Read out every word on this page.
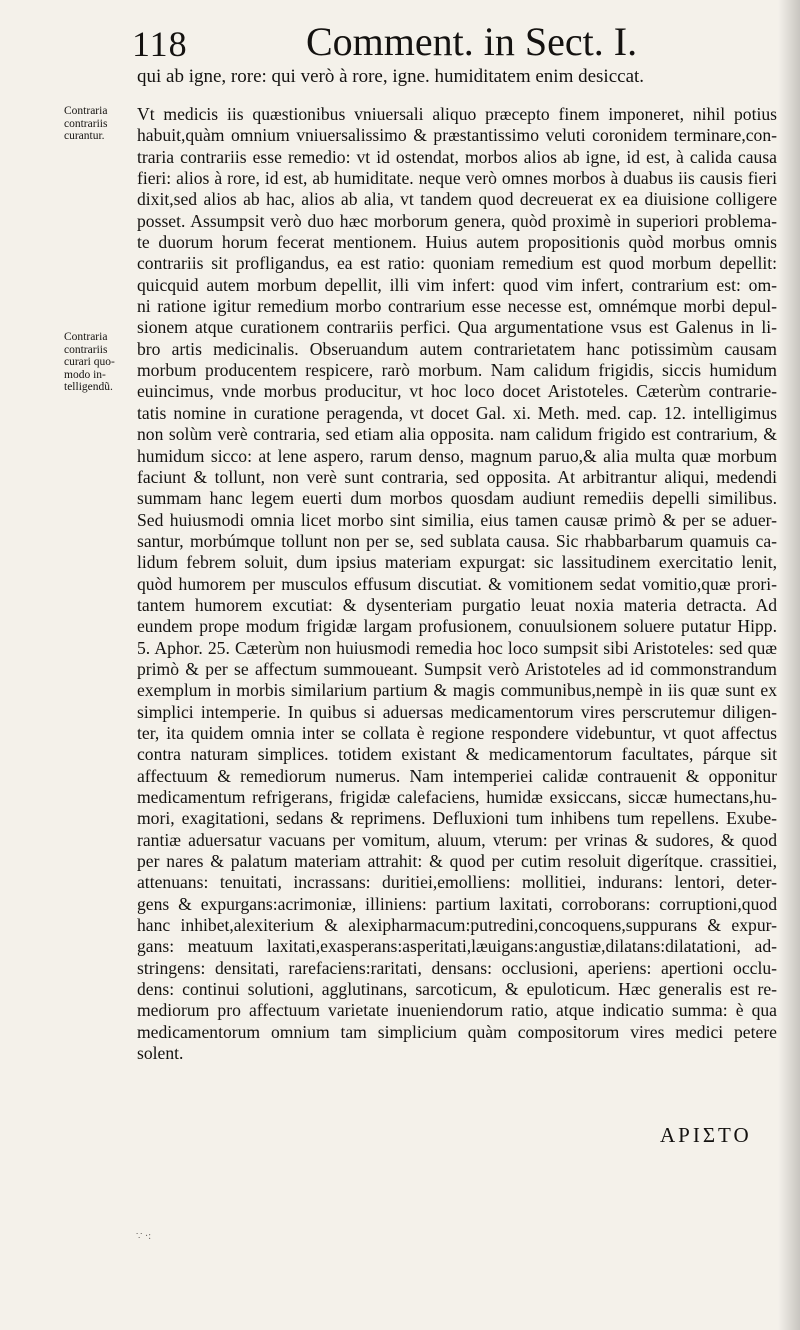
118	Comment. in Sect. I.
qui ab igne, rore: qui verò à rore, igne. humiditatem enim desiccat.
Contraria
contrariis
curantur.
Contraria
contrariis
curari quo-
modo in-
telligendũ.
Vt medicis iis quæstionibus vniuersali aliquo præcepto finem imponeret, nihil potius
habuit,quàm omnium vniuersalissimo & præstantissimo veluti coronidem terminare,con-
traria contrariis esse remedio: vt id ostendat, morbos alios ab igne, id est, à calida causa
fieri: alios à rore, id est, ab humiditate. neque verò omnes morbos à duabus iis causis fieri
dixit,sed alios ab hac, alios ab alia, vt tandem quod decreuerat ex ea diuisione colligere
posset. Assumpsit verò duo hæc morborum genera, quòd proximè in superiori problema-
te duorum horum fecerat mentionem. Huius autem propositionis quòd morbus omnis
contrariis sit profligandus, ea est ratio: quoniam remedium est quod morbum depellit:
quicquid autem morbum depellit, illi vim infert: quod vim infert, contrarium est: om-
ni ratione igitur remedium morbo contrarium esse necesse est, omnémque morbi depul-
sionem atque curationem contrariis perfici. Qua argumentatione vsus est Galenus in li-
bro artis medicinalis. Obseruandum autem contrarietatem hanc potissimùm causam
morbum producentem respicere, rarò morbum. Nam calidum frigidis, siccis humidum
euincimus, vnde morbus producitur, vt hoc loco docet Aristoteles. Cæterùm contrarie-
tatis nomine in curatione peragenda, vt docet Gal. xi. Meth. med. cap. 12. intelligimus
non solùm verè contraria, sed etiam alia opposita. nam calidum frigido est contrarium, &
humidum sicco: at lene aspero, rarum denso, magnum paruo,& alia multa quæ morbum
faciunt & tollunt, non verè sunt contraria, sed opposita. At arbitrantur aliqui, medendi
summam hanc legem euerti dum morbos quosdam audiunt remediis depelli similibus.
Sed huiusmodi omnia licet morbo sint similia, eius tamen causæ primò & per se aduer-
santur, morbúmque tollunt non per se, sed sublata causa. Sic rhabbarbarum quamuis ca-
lidum febrem soluit, dum ipsius materiam expurgat: sic lassitudinem exercitatio lenit,
quòd humorem per musculos effusum discutiat. & vomitionem sedat vomitio,quæ prori-
tantem humorem excutiat: & dysenteriam purgatio leuat noxia materia detracta. Ad
eundem prope modum frigidæ largam profusionem, conuulsionem soluere putatur Hipp.
5. Aphor. 25. Cæterùm non huiusmodi remedia hoc loco sumpsit sibi Aristoteles: sed quæ
primò & per se affectum summoueant. Sumpsit verò Aristoteles ad id commonstrandum
exemplum in morbis similarium partium & magis communibus,nempè in iis quæ sunt ex
simplici intemperie. In quibus si aduersas medicamentorum vires perscrutemur diligen-
ter, ita quidem omnia inter se collata è regione respondere videbuntur, vt quot affectus
contra naturam simplices. totidem existant & medicamentorum facultates, párque sit
affectuum & remediorum numerus. Nam intemperiei calidæ contrauenit & opponitur
medicamentum refrigerans, frigidæ calefaciens, humidæ exsiccans, siccæ humectans,hu-
mori, exagitationi, sedans & reprimens. Defluxioni tum inhibens tum repellens. Exube-
rantiæ aduersatur vacuans per vomitum, aluum, vterum: per vrinas & sudores, & quod
per nares & palatum materiam attrahit: & quod per cutim resoluit digerítque. crassitiei,
attenuans: tenuitati, incrassans: duritiei,emolliens: mollitiei, indurans: lentori, deter-
gens & expurgans:acrimoniæ, illiniens: partium laxitati, corroborans: corruptioni,quod
hanc inhibet,alexiterium & alexipharmacum:putredini,concoquens,suppurans & expur-
gans: meatuum laxitati,exasperans:asperitati,læuigans:angustiæ,dilatans:dilatationi, ad-
stringens: densitati, rarefaciens:raritati, densans: occlusioni, aperiens: apertioni occlu-
dens: continui solutioni, agglutinans, sarcoticum, & epuloticum. Hæc generalis est re-
mediorum pro affectuum varietate inueniendorum ratio, atque indicatio summa: è qua
medicamentorum omnium tam simplicium quàm compositorum vires medici petere
solent.
ΑΡΙΣΤΟ
∵ ·:
